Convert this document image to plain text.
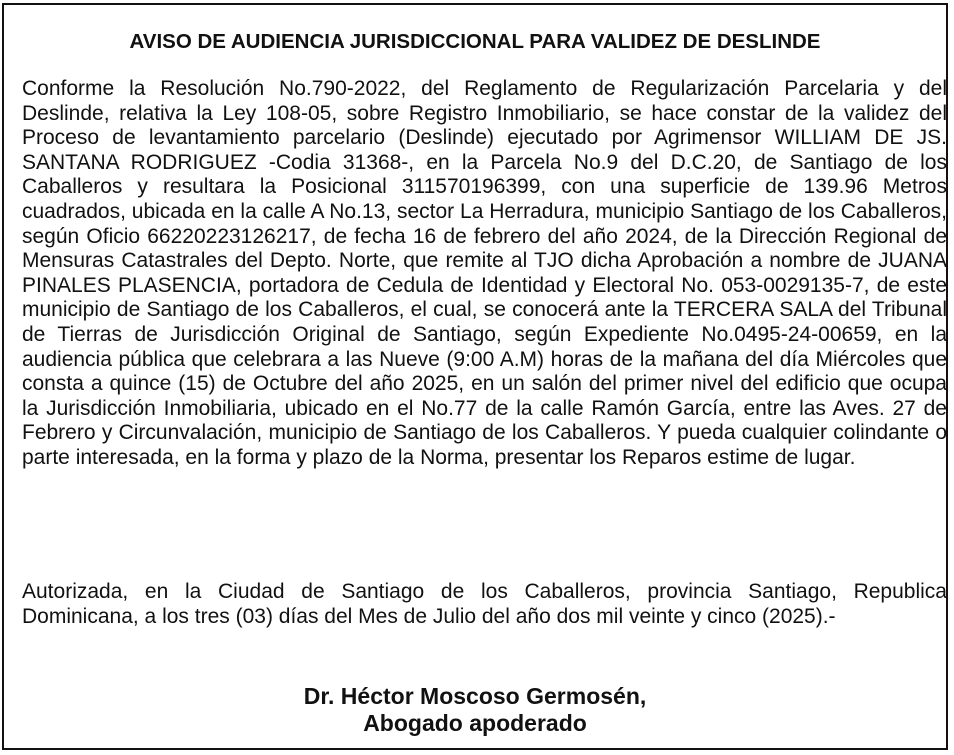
AVISO DE AUDIENCIA JURISDICCIONAL PARA VALIDEZ DE DESLINDE

Conforme la Resolución No.790-2022, del Reglamento de Regularización Parcelaria y del Deslinde, relativa la Ley 108-05, sobre Registro Inmobiliario, se hace constar de la validez del Proceso de levantamiento parcelario (Deslinde) ejecutado por Agrimensor WILLIAM DE JS. SANTANA RODRIGUEZ -Codia 31368-, en la Parcela No.9 del D.C.20, de Santiago de los Caballeros y resultara la Posicional 311570196399, con una superficie de 139.96 Metros cuadrados, ubicada en la calle A No.13, sector La Herradura, municipio Santiago de los Caballeros, según Oficio 66220223126217, de fecha 16 de febrero del año 2024, de la Dirección Regional de Mensuras Catastrales del Depto. Norte, que remite al TJO dicha Aprobación a nombre de JUANA PINALES PLASENCIA, portadora de Cedula de Identidad y Electoral No. 053-0029135-7, de este municipio de Santiago de los Caballeros, el cual, se conocerá ante la TERCERA SALA del Tribunal de Tierras de Jurisdicción Original de Santiago, según Expediente No.0495-24-00659, en la audiencia pública que celebrara a las Nueve (9:00 A.M) horas de la mañana del día Miércoles que consta a quince (15) de Octubre del año 2025, en un salón del primer nivel del edificio que ocupa la Jurisdicción Inmobiliaria, ubicado en el No.77 de la calle Ramón García, entre las Aves. 27 de Febrero y Circunvalación, municipio de Santiago de los Caballeros. Y pueda cualquier colindante o parte interesada, en la forma y plazo de la Norma, presentar los Reparos estime de lugar.

Autorizada, en la Ciudad de Santiago de los Caballeros, provincia Santiago, Republica Dominicana, a los tres (03) días del Mes de Julio del año dos mil veinte y cinco (2025).-

Dr. Héctor Moscoso Germosén,
Abogado apoderado
